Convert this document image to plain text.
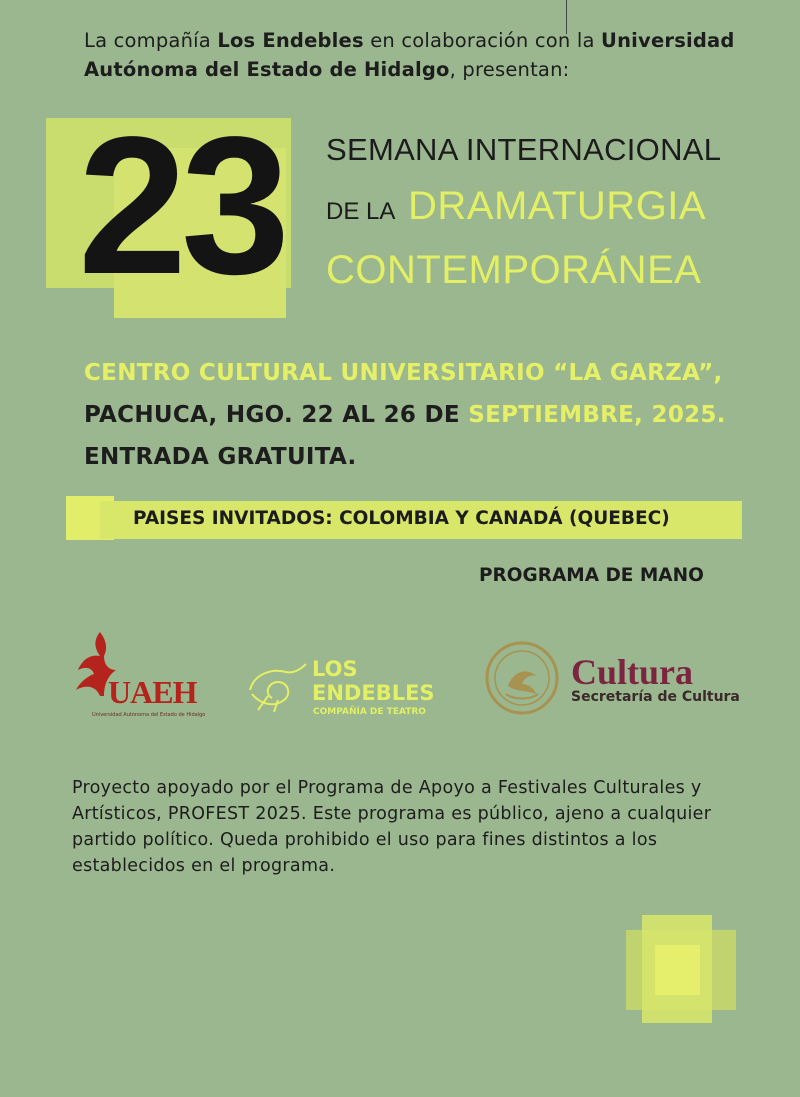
La compañía Los Endebles en colaboración con la Universidad Autónoma del Estado de Hidalgo, presentan:
23 SEMANA INTERNACIONAL
DE LA DRAMATURGIA
CONTEMPORÁNEA
CENTRO CULTURAL UNIVERSITARIO “LA GARZA”,
PACHUCA, HGO. 22 AL 26 DE SEPTIEMBRE, 2025.
ENTRADA GRATUITA.
PAISES INVITADOS: COLOMBIA Y CANADÁ (QUEBEC)
PROGRAMA DE MANO
UAEH
Universidad Autónoma del Estado de Hidalgo
LOS
ENDEBLES
COMPAÑÍA DE TEATRO
Cultura
Secretaría de Cultura
Proyecto apoyado por el Programa de Apoyo a Festivales Culturales y Artísticos, PROFEST 2025. Este programa es público, ajeno a cualquier partido político. Queda prohibido el uso para fines distintos a los establecidos en el programa.
